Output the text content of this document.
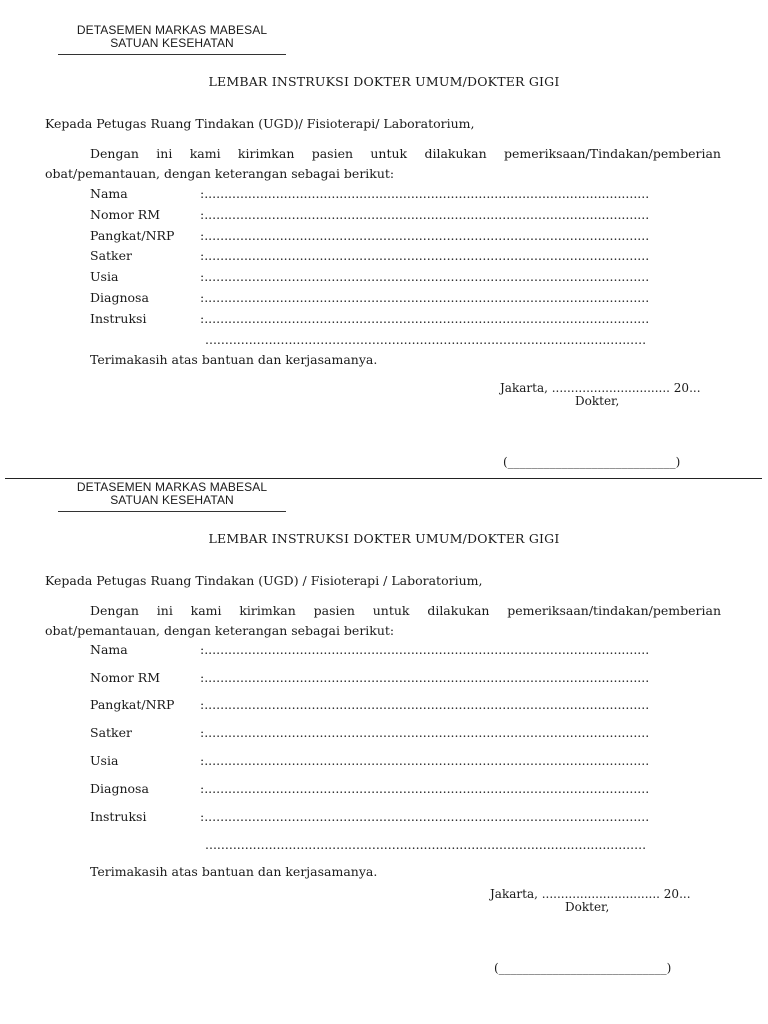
DETASEMEN MARKAS MABESAL
SATUAN KESEHATAN
LEMBAR INSTRUKSI DOKTER UMUM/DOKTER GIGI
Kepada Petugas Ruang Tindakan (UGD)/ Fisioterapi/ Laboratorium,
Dengan ini kami kirimkan pasien untuk dilakukan pemeriksaan/Tindakan/pemberian obat/pemantauan, dengan keterangan sebagai berikut:
Nama	:................................................................................................................
Nomor RM	:................................................................................................................
Pangkat/NRP :................................................................................................................
Satker	:................................................................................................................
Usia	:................................................................................................................
Diagnosa	:................................................................................................................
Instruksi	:................................................................................................................
...............................................................................................................
Terimakasih atas bantuan dan kerjasamanya.
Jakarta, ............................... 20...
Dokter,
(____________________________)
DETASEMEN MARKAS MABESAL
SATUAN KESEHATAN
LEMBAR INSTRUKSI DOKTER UMUM/DOKTER GIGI
Kepada Petugas Ruang Tindakan (UGD) / Fisioterapi / Laboratorium,
Dengan ini kami kirimkan pasien untuk dilakukan pemeriksaan/tindakan/pemberian obat/pemantauan, dengan keterangan sebagai berikut:
Nama	:................................................................................................................
Nomor RM	:................................................................................................................
Pangkat/NRP :................................................................................................................
Satker	:................................................................................................................
Usia	:................................................................................................................
Diagnosa	:................................................................................................................
Instruksi	:................................................................................................................
...............................................................................................................
Terimakasih atas bantuan dan kerjasamanya.
Jakarta, ............................... 20...
Dokter,
(____________________________)
